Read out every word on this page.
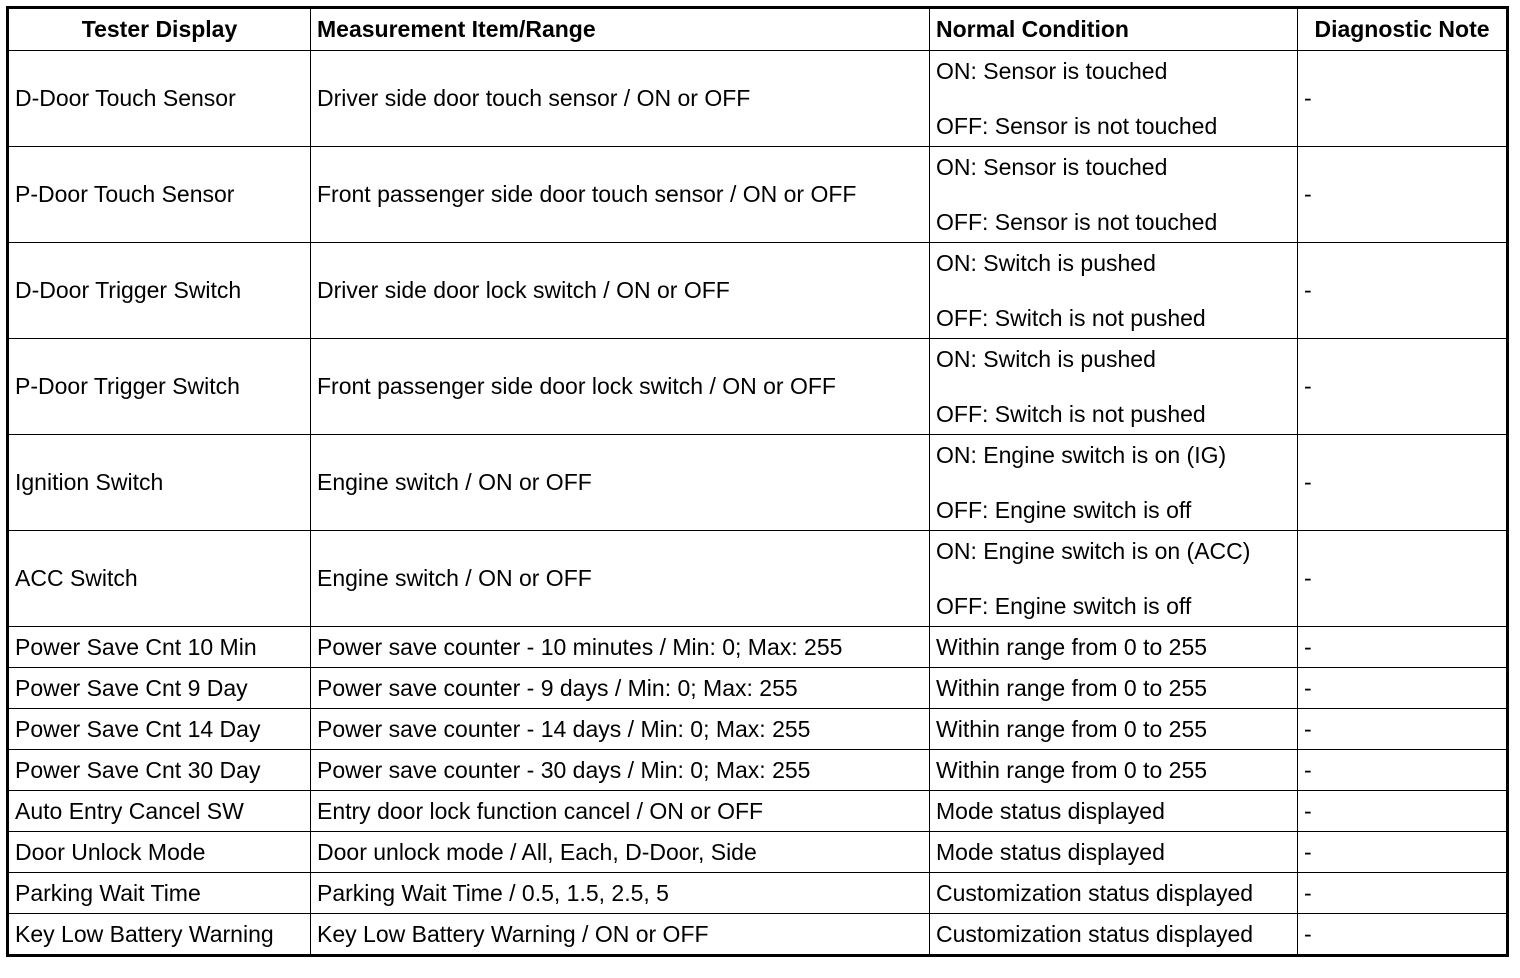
Tester Display	Measurement Item/Range	Normal Condition	Diagnostic Note
D-Door Touch Sensor	Driver side door touch sensor / ON or OFF	ON: Sensor is touched
OFF: Sensor is not touched	-
P-Door Touch Sensor	Front passenger side door touch sensor / ON or OFF	ON: Sensor is touched
OFF: Sensor is not touched	-
D-Door Trigger Switch	Driver side door lock switch / ON or OFF	ON: Switch is pushed
OFF: Switch is not pushed	-
P-Door Trigger Switch	Front passenger side door lock switch / ON or OFF	ON: Switch is pushed
OFF: Switch is not pushed	-
Ignition Switch	Engine switch / ON or OFF	ON: Engine switch is on (IG)
OFF: Engine switch is off	-
ACC Switch	Engine switch / ON or OFF	ON: Engine switch is on (ACC)
OFF: Engine switch is off	-
Power Save Cnt 10 Min	Power save counter - 10 minutes / Min: 0; Max: 255	Within range from 0 to 255	-
Power Save Cnt 9 Day	Power save counter - 9 days / Min: 0; Max: 255	Within range from 0 to 255	-
Power Save Cnt 14 Day	Power save counter - 14 days / Min: 0; Max: 255	Within range from 0 to 255	-
Power Save Cnt 30 Day	Power save counter - 30 days / Min: 0; Max: 255	Within range from 0 to 255	-
Auto Entry Cancel SW	Entry door lock function cancel / ON or OFF	Mode status displayed	-
Door Unlock Mode	Door unlock mode / All, Each, D-Door, Side	Mode status displayed	-
Parking Wait Time	Parking Wait Time / 0.5, 1.5, 2.5, 5	Customization status displayed	-
Key Low Battery Warning	Key Low Battery Warning / ON or OFF	Customization status displayed	-
